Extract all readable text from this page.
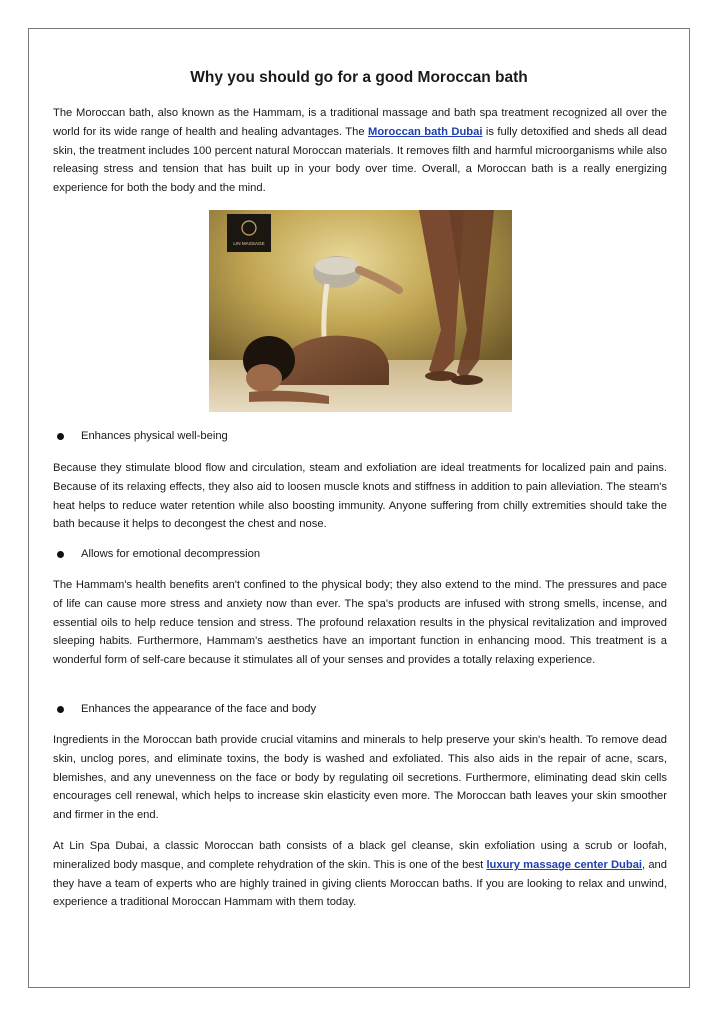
Why you should go for a good Moroccan bath

The Moroccan bath, also known as the Hammam, is a traditional massage and bath spa treatment recognized all over the world for its wide range of health and healing advantages. The Moroccan bath Dubai is fully detoxified and sheds all dead skin, the treatment includes 100 percent natural Moroccan materials. It removes filth and harmful microorganisms while also releasing stress and tension that has built up in your body over time. Overall, a Moroccan bath is a really energizing experience for both the body and the mind.

LIN MASSAGE
Enhances physical well-being

Because they stimulate blood flow and circulation, steam and exfoliation are ideal treatments for localized pain and pains. Because of its relaxing effects, they also aid to loosen muscle knots and stiffness in addition to pain alleviation. The steam's heat helps to reduce water retention while also boosting immunity. Anyone suffering from chilly extremities should take the bath because it helps to decongest the chest and nose.

Allows for emotional decompression

The Hammam's health benefits aren't confined to the physical body; they also extend to the mind. The pressures and pace of life can cause more stress and anxiety now than ever. The spa's products are infused with strong smells, incense, and essential oils to help reduce tension and stress. The profound relaxation results in the physical revitalization and improved sleeping habits. Furthermore, Hammam's aesthetics have an important function in enhancing mood. This treatment is a wonderful form of self-care because it stimulates all of your senses and provides a totally relaxing experience.

Enhances the appearance of the face and body

Ingredients in the Moroccan bath provide crucial vitamins and minerals to help preserve your skin's health. To remove dead skin, unclog pores, and eliminate toxins, the body is washed and exfoliated. This also aids in the repair of acne, scars, blemishes, and any unevenness on the face or body by regulating oil secretions. Furthermore, eliminating dead skin cells encourages cell renewal, which helps to increase skin elasticity even more. The Moroccan bath leaves your skin smoother and firmer in the end.

At Lin Spa Dubai, a classic Moroccan bath consists of a black gel cleanse, skin exfoliation using a scrub or loofah, mineralized body masque, and complete rehydration of the skin. This is one of the best luxury massage center Dubai, and they have a team of experts who are highly trained in giving clients Moroccan baths. If you are looking to relax and unwind, experience a traditional Moroccan Hammam with them today.
